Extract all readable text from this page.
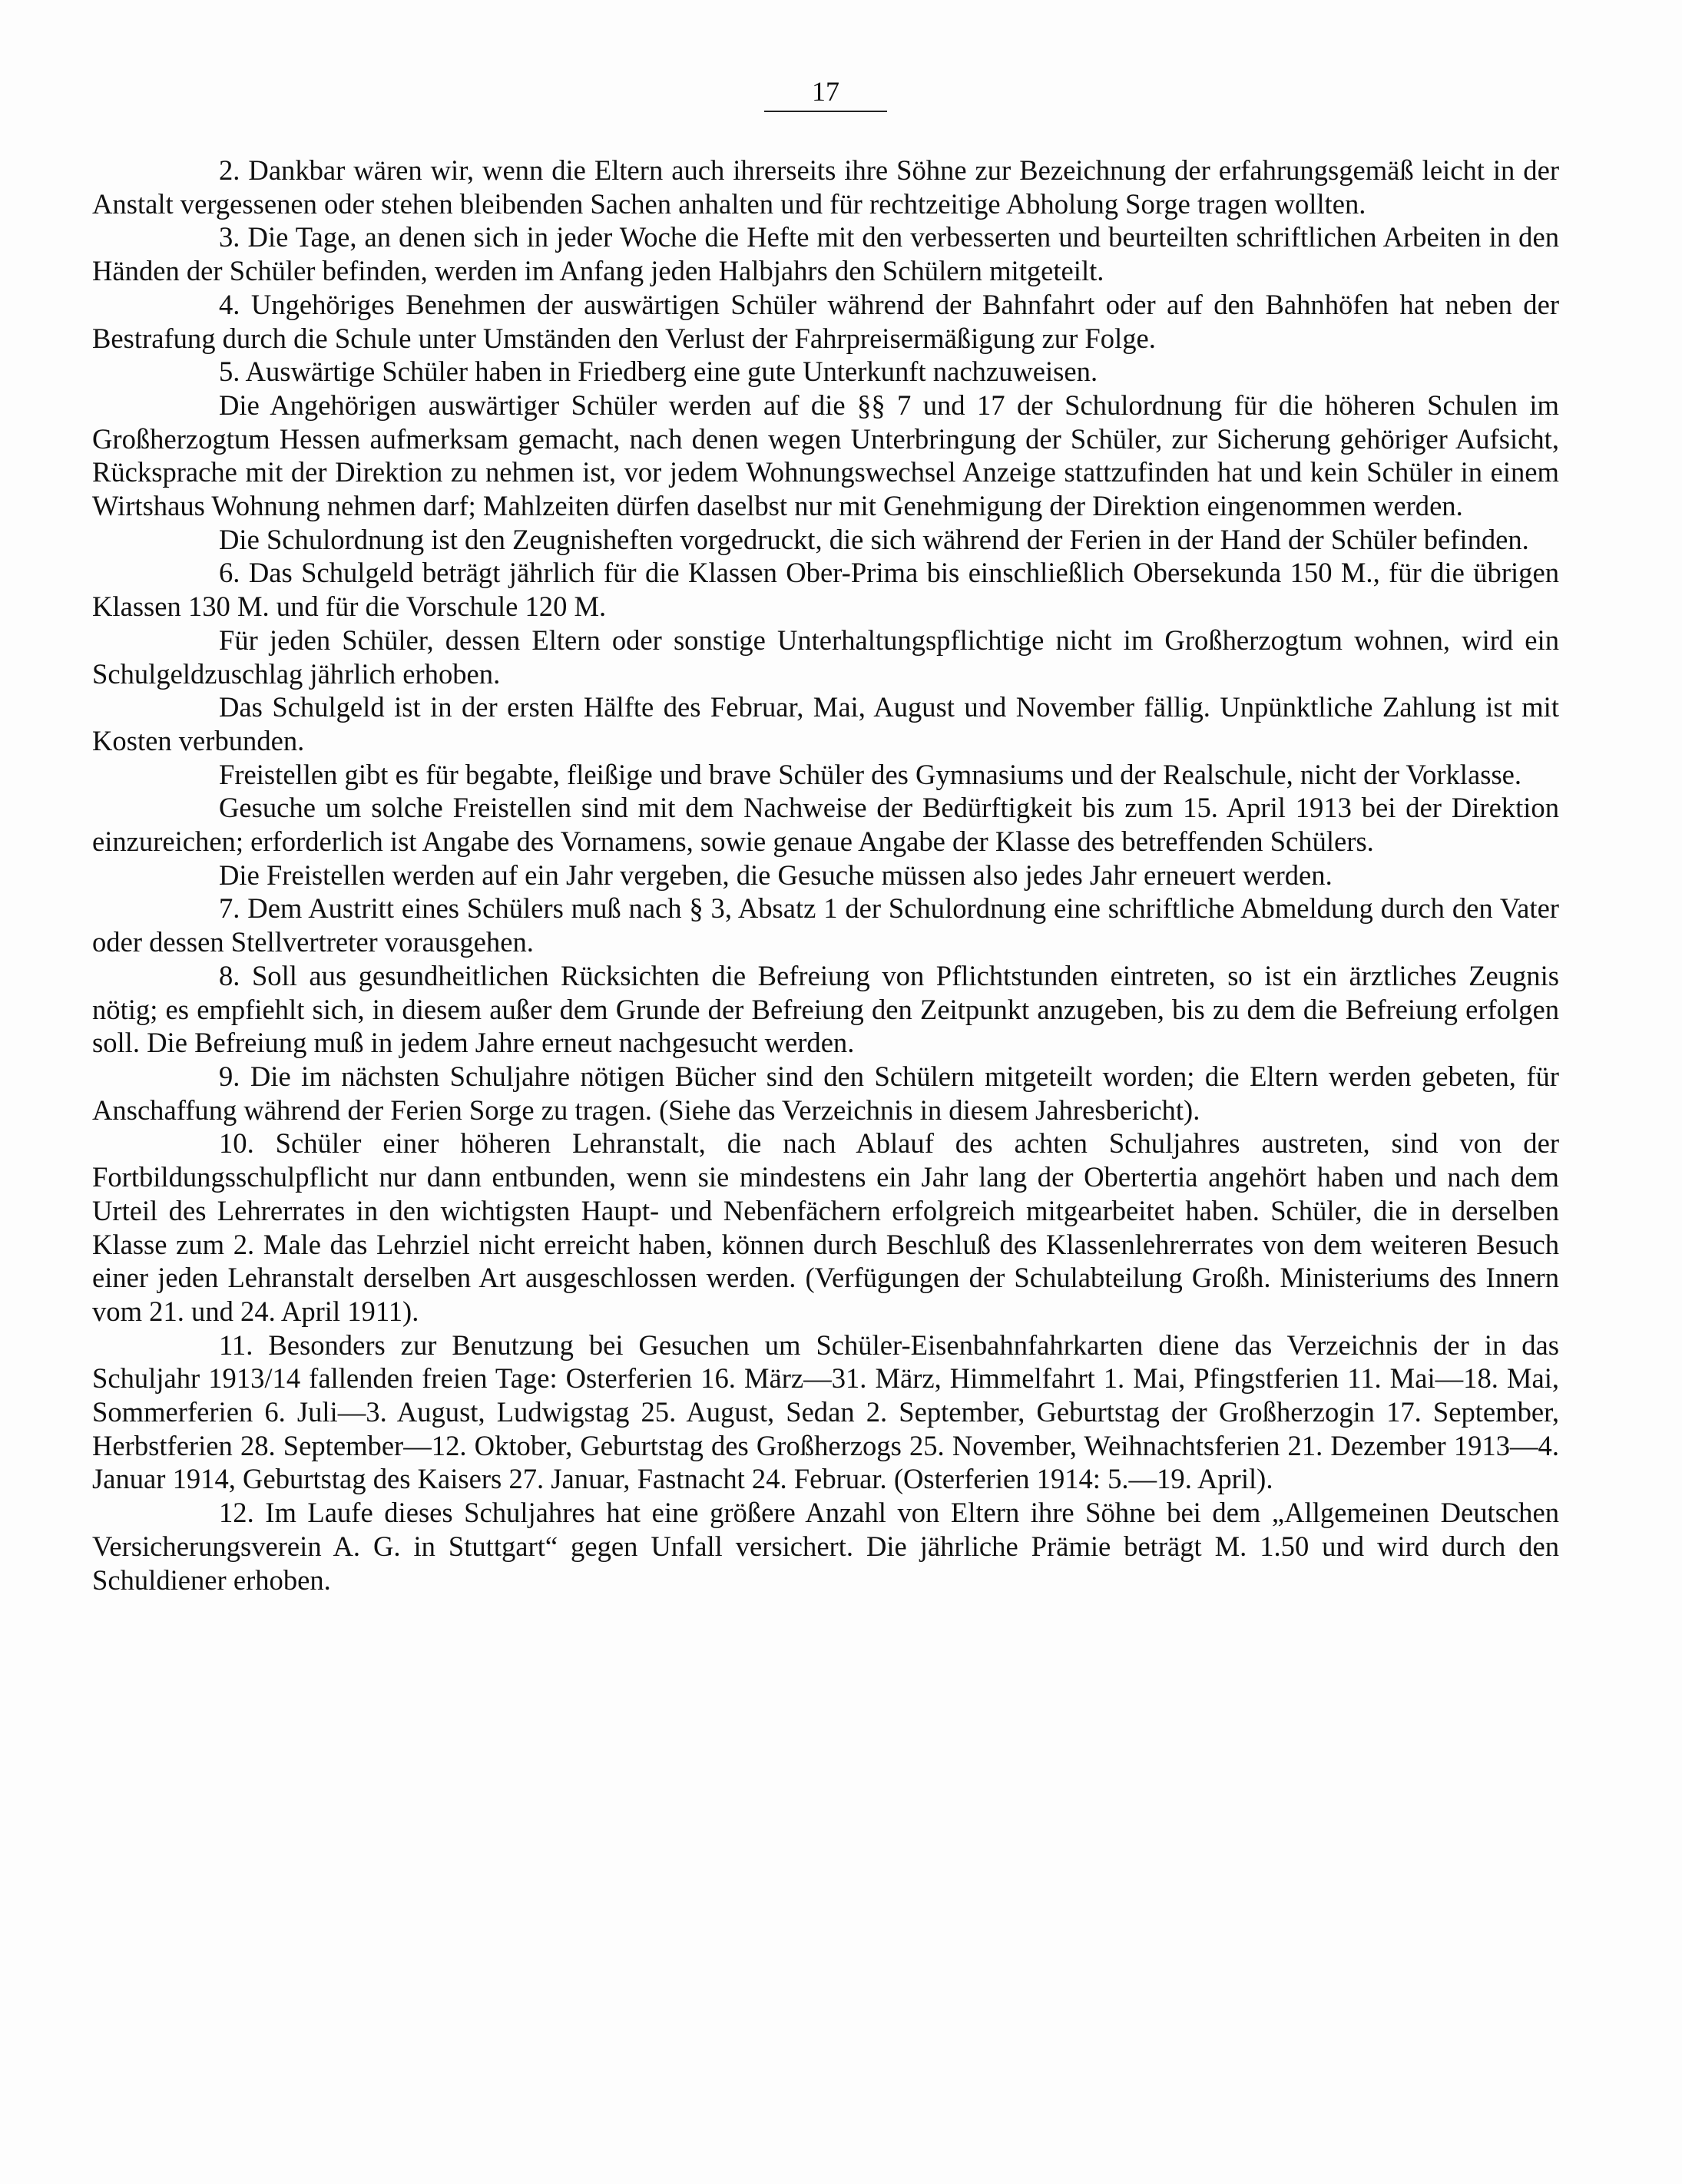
17

2. Dankbar wären wir, wenn die Eltern auch ihrerseits ihre Söhne zur Bezeichnung der erfahrungsgemäß leicht in der Anstalt vergessenen oder stehen bleibenden Sachen anhalten und für rechtzeitige Abholung Sorge tragen wollten.

3. Die Tage, an denen sich in jeder Woche die Hefte mit den verbesserten und beurteilten schriftlichen Arbeiten in den Händen der Schüler befinden, werden im Anfang jeden Halbjahrs den Schülern mitgeteilt.

4. Ungehöriges Benehmen der auswärtigen Schüler während der Bahnfahrt oder auf den Bahnhöfen hat neben der Bestrafung durch die Schule unter Umständen den Verlust der Fahrpreisermäßigung zur Folge.

5. Auswärtige Schüler haben in Friedberg eine gute Unterkunft nachzuweisen.

Die Angehörigen auswärtiger Schüler werden auf die §§ 7 und 17 der Schulordnung für die höheren Schulen im Großherzogtum Hessen aufmerksam gemacht, nach denen wegen Unterbringung der Schüler, zur Sicherung gehöriger Aufsicht, Rücksprache mit der Direktion zu nehmen ist, vor jedem Wohnungswechsel Anzeige stattzufinden hat und kein Schüler in einem Wirtshaus Wohnung nehmen darf; Mahlzeiten dürfen daselbst nur mit Genehmigung der Direktion eingenommen werden.

Die Schulordnung ist den Zeugnisheften vorgedruckt, die sich während der Ferien in der Hand der Schüler befinden.

6. Das Schulgeld beträgt jährlich für die Klassen Ober-Prima bis einschließlich Obersekunda 150 M., für die übrigen Klassen 130 M. und für die Vorschule 120 M.

Für jeden Schüler, dessen Eltern oder sonstige Unterhaltungspflichtige nicht im Großherzogtum wohnen, wird ein Schulgeldzuschlag jährlich erhoben.

Das Schulgeld ist in der ersten Hälfte des Februar, Mai, August und November fällig. Unpünktliche Zahlung ist mit Kosten verbunden.

Freistellen gibt es für begabte, fleißige und brave Schüler des Gymnasiums und der Realschule, nicht der Vorklasse.

Gesuche um solche Freistellen sind mit dem Nachweise der Bedürftigkeit bis zum 15. April 1913 bei der Direktion einzureichen; erforderlich ist Angabe des Vornamens, sowie genaue Angabe der Klasse des betreffenden Schülers.

Die Freistellen werden auf ein Jahr vergeben, die Gesuche müssen also jedes Jahr erneuert werden.

7. Dem Austritt eines Schülers muß nach § 3, Absatz 1 der Schulordnung eine schriftliche Abmeldung durch den Vater oder dessen Stellvertreter vorausgehen.

8. Soll aus gesundheitlichen Rücksichten die Befreiung von Pflichtstunden eintreten, so ist ein ärztliches Zeugnis nötig; es empfiehlt sich, in diesem außer dem Grunde der Befreiung den Zeitpunkt anzugeben, bis zu dem die Befreiung erfolgen soll. Die Befreiung muß in jedem Jahre erneut nachgesucht werden.

9. Die im nächsten Schuljahre nötigen Bücher sind den Schülern mitgeteilt worden; die Eltern werden gebeten, für Anschaffung während der Ferien Sorge zu tragen. (Siehe das Verzeichnis in diesem Jahresbericht).

10. Schüler einer höheren Lehranstalt, die nach Ablauf des achten Schuljahres austreten, sind von der Fortbildungsschulpflicht nur dann entbunden, wenn sie mindestens ein Jahr lang der Obertertia angehört haben und nach dem Urteil des Lehrerrates in den wichtigsten Haupt- und Nebenfächern erfolgreich mitgearbeitet haben. Schüler, die in derselben Klasse zum 2. Male das Lehrziel nicht erreicht haben, können durch Beschluß des Klassenlehrerrates von dem weiteren Besuch einer jeden Lehranstalt derselben Art ausgeschlossen werden. (Verfügungen der Schulabteilung Großh. Ministeriums des Innern vom 21. und 24. April 1911).

11. Besonders zur Benutzung bei Gesuchen um Schüler-Eisenbahnfahrkarten diene das Verzeichnis der in das Schuljahr 1913/14 fallenden freien Tage: Osterferien 16. März—31. März, Himmelfahrt 1. Mai, Pfingstferien 11. Mai—18. Mai, Sommerferien 6. Juli—3. August, Ludwigstag 25. August, Sedan 2. September, Geburtstag der Großherzogin 17. September, Herbstferien 28. September—12. Oktober, Geburtstag des Großherzogs 25. November, Weihnachtsferien 21. Dezember 1913—4. Januar 1914, Geburtstag des Kaisers 27. Januar, Fastnacht 24. Februar. (Osterferien 1914: 5.—19. April).

12. Im Laufe dieses Schuljahres hat eine größere Anzahl von Eltern ihre Söhne bei dem „Allgemeinen Deutschen Versicherungsverein A. G. in Stuttgart“ gegen Unfall versichert. Die jährliche Prämie beträgt M. 1.50 und wird durch den Schuldiener erhoben.
